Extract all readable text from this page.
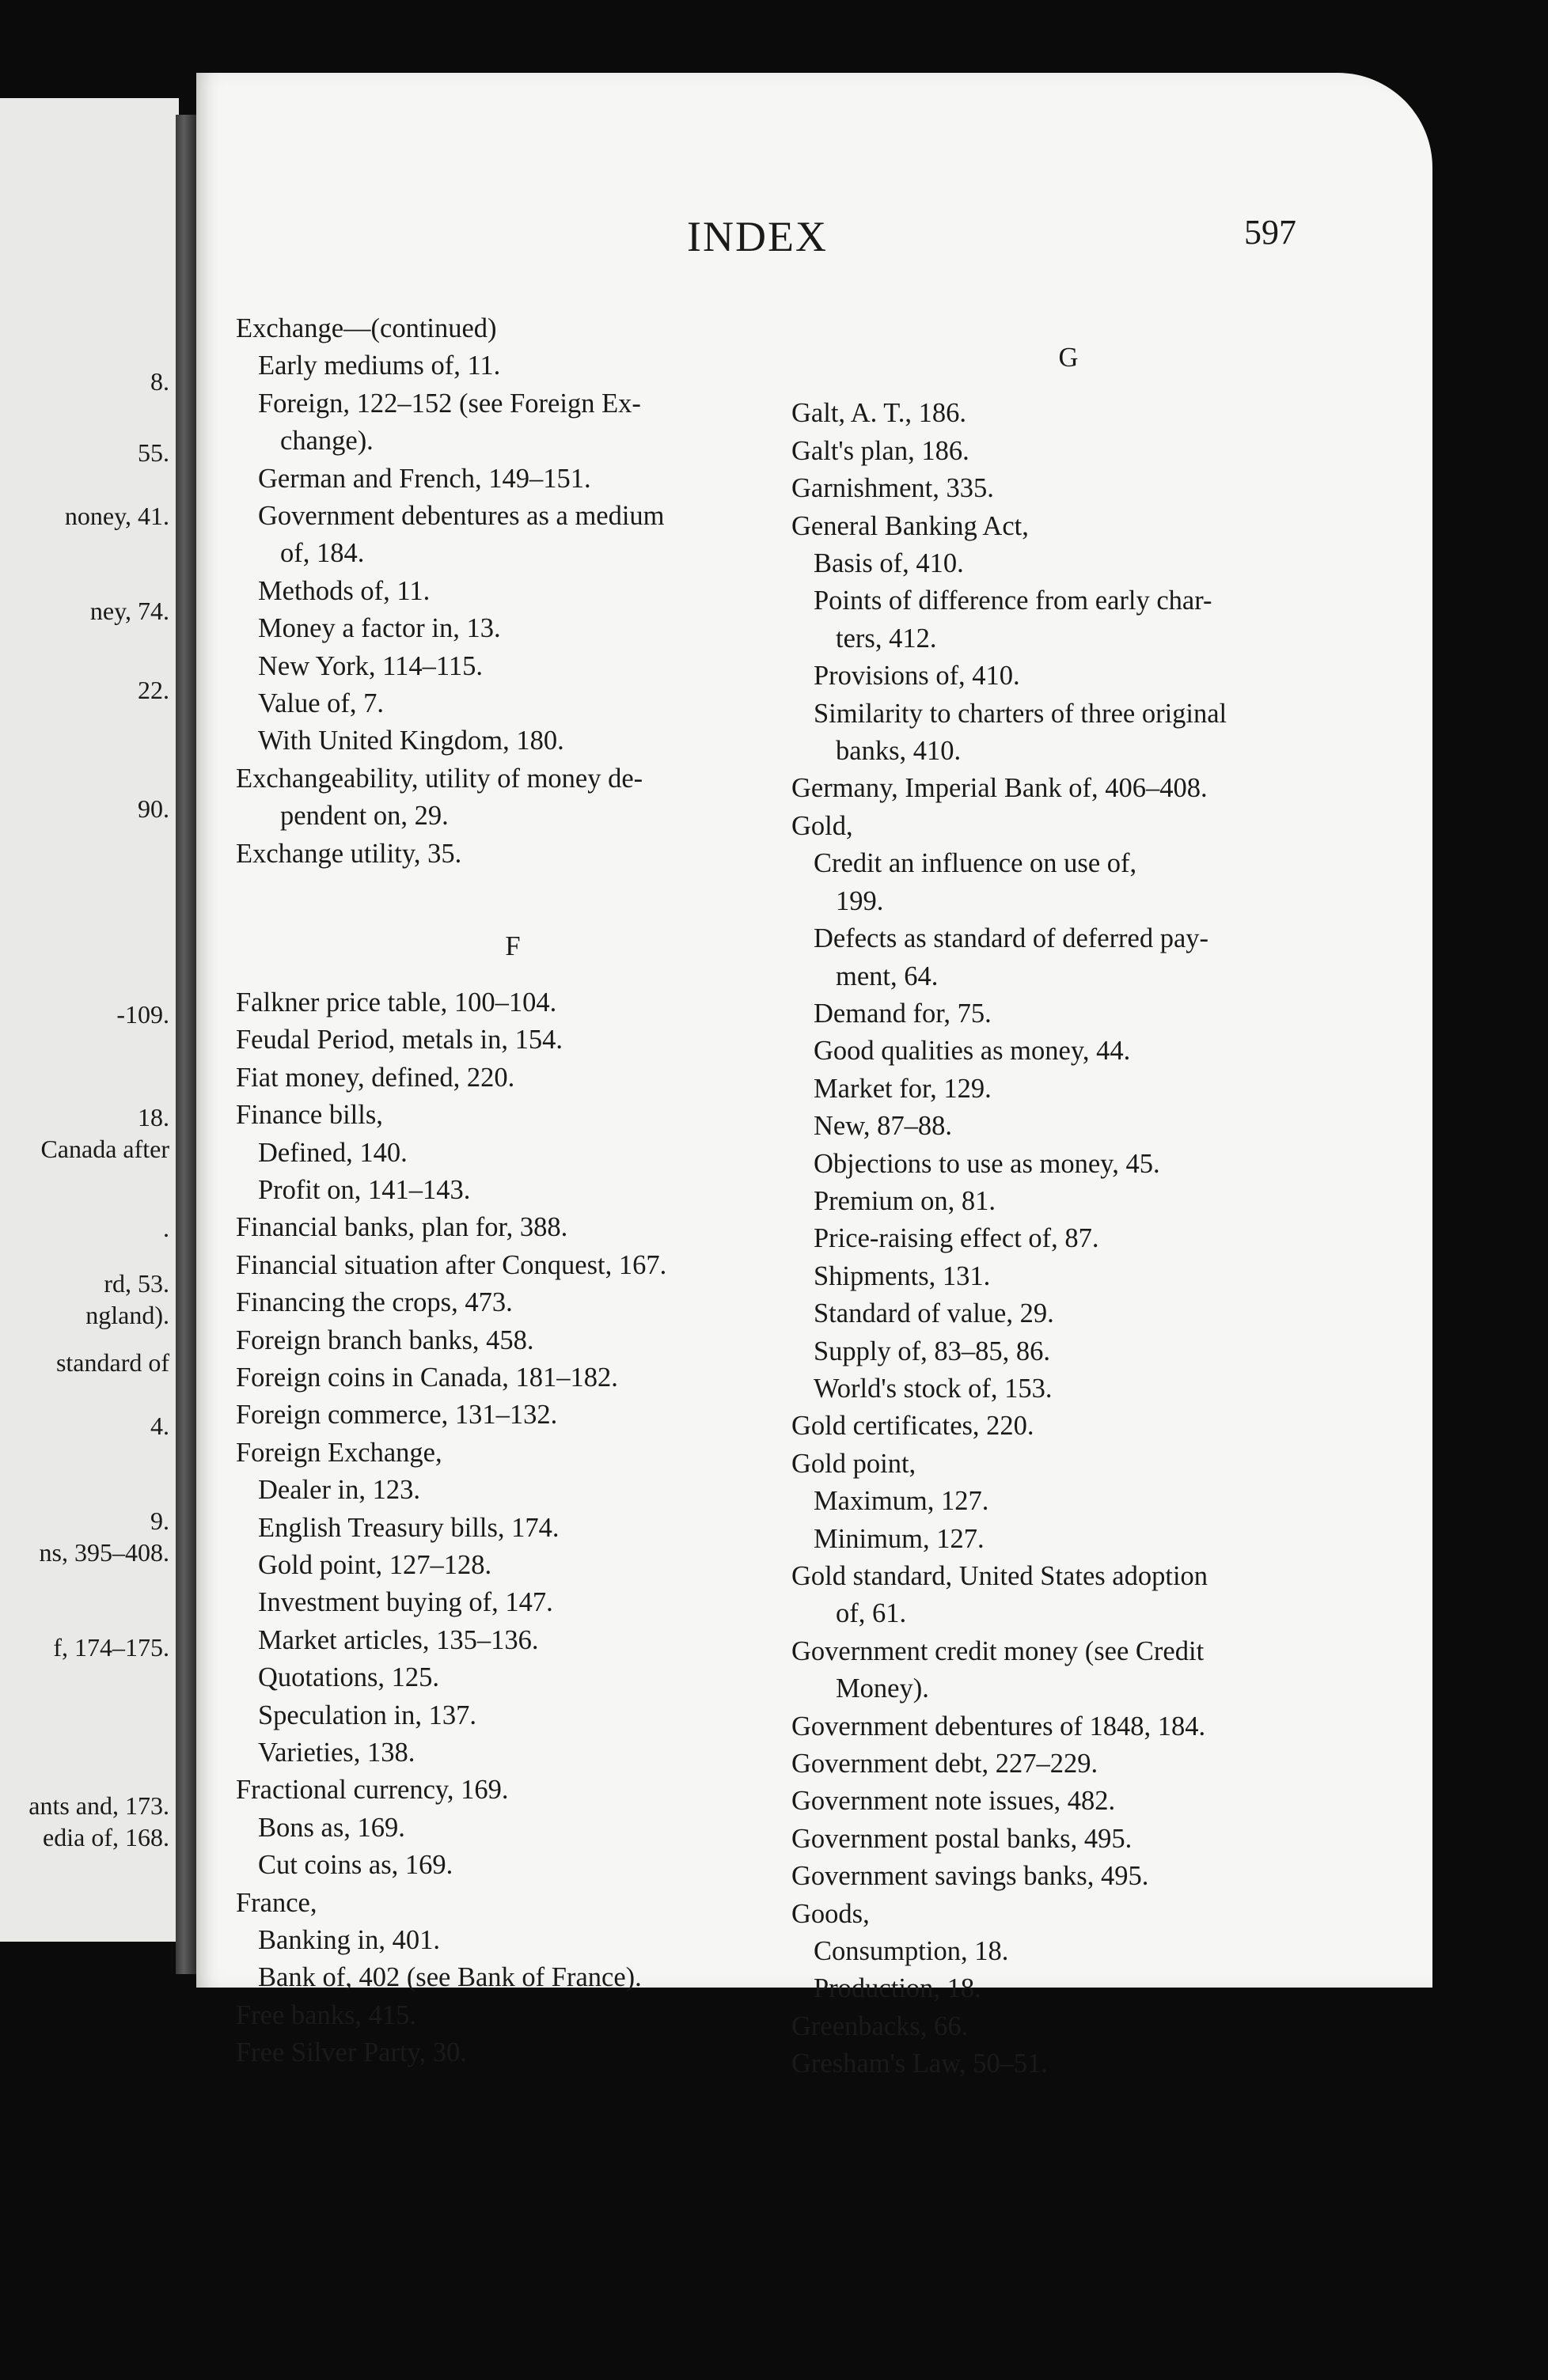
8.
55.
noney, 41.
ney, 74.
22.
90.
-109.
18.
Canada after
.
rd, 53.
ngland).
standard of
4.
9.
ns, 395–408.
f, 174–175.
ants and, 173.
edia of, 168.
INDEX	597
Exchange—(continued)
Early mediums of, 11.
Foreign, 122–152 (see Foreign Ex-
change).
German and French, 149–151.
Government debentures as a medium
of, 184.
Methods of, 11.
Money a factor in, 13.
New York, 114–115.
Value of, 7.
With United Kingdom, 180.
Exchangeability, utility of money de-
pendent on, 29.
Exchange utility, 35.
F
Falkner price table, 100–104.
Feudal Period, metals in, 154.
Fiat money, defined, 220.
Finance bills,
Defined, 140.
Profit on, 141–143.
Financial banks, plan for, 388.
Financial situation after Conquest, 167.
Financing the crops, 473.
Foreign branch banks, 458.
Foreign coins in Canada, 181–182.
Foreign commerce, 131–132.
Foreign Exchange,
Dealer in, 123.
English Treasury bills, 174.
Gold point, 127–128.
Investment buying of, 147.
Market articles, 135–136.
Quotations, 125.
Speculation in, 137.
Varieties, 138.
Fractional currency, 169.
Bons as, 169.
Cut coins as, 169.
France,
Banking in, 401.
Bank of, 402 (see Bank of France).
Free banks, 415.
Free Silver Party, 30.
G
Galt, A. T., 186.
Galt's plan, 186.
Garnishment, 335.
General Banking Act,
Basis of, 410.
Points of difference from early char-
ters, 412.
Provisions of, 410.
Similarity to charters of three original
banks, 410.
Germany, Imperial Bank of, 406–408.
Gold,
Credit an influence on use of,
199.
Defects as standard of deferred pay-
ment, 64.
Demand for, 75.
Good qualities as money, 44.
Market for, 129.
New, 87–88.
Objections to use as money, 45.
Premium on, 81.
Price-raising effect of, 87.
Shipments, 131.
Standard of value, 29.
Supply of, 83–85, 86.
World's stock of, 153.
Gold certificates, 220.
Gold point,
Maximum, 127.
Minimum, 127.
Gold standard, United States adoption
of, 61.
Government credit money (see Credit
Money).
Government debentures of 1848, 184.
Government debt, 227–229.
Government note issues, 482.
Government postal banks, 495.
Government savings banks, 495.
Goods,
Consumption, 18.
Production, 18.
Greenbacks, 66.
Gresham's Law, 50–51.
